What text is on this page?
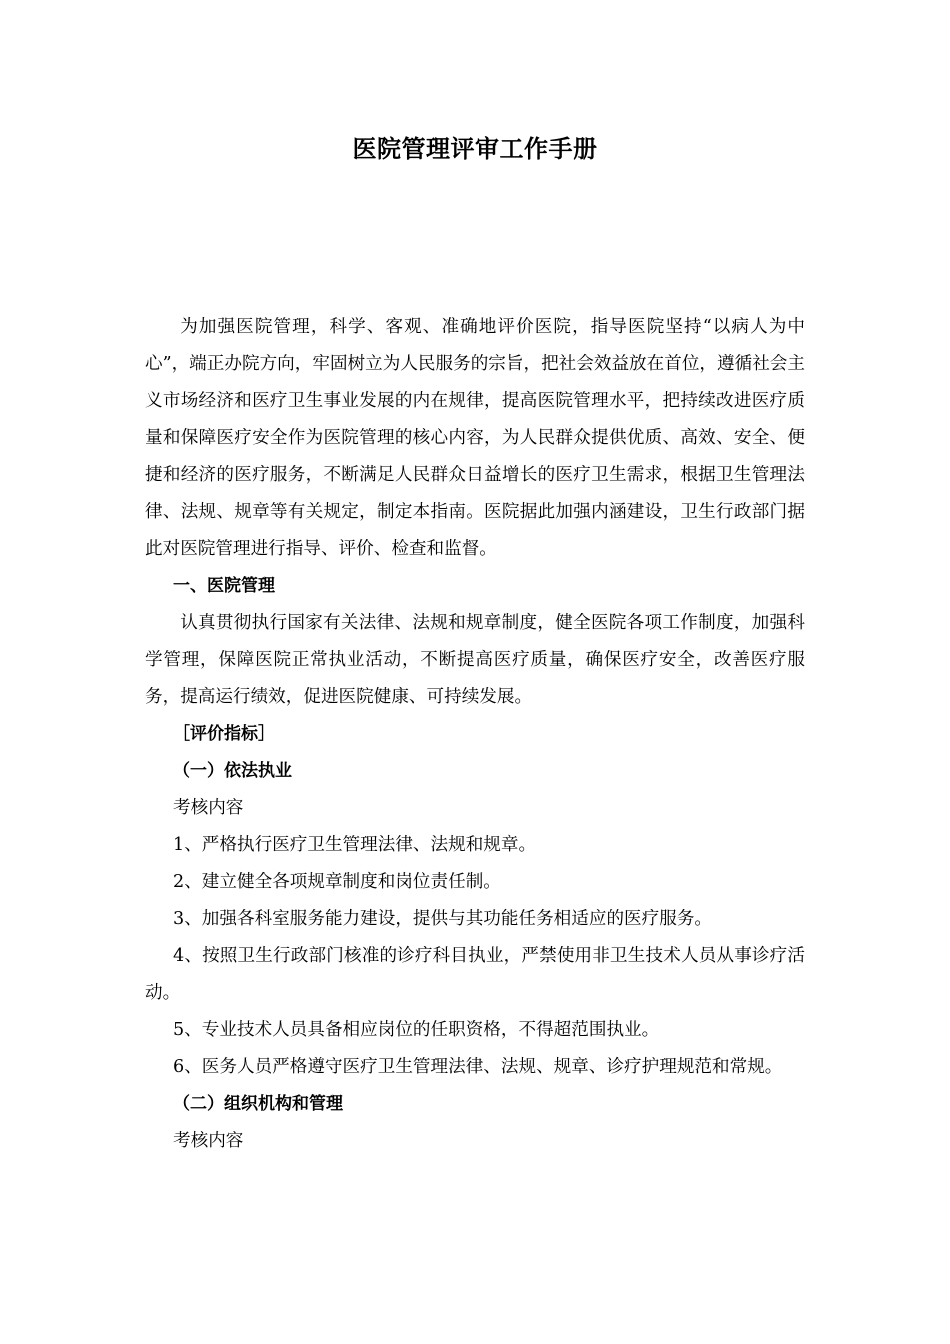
医院管理评审工作手册

为加强医院管理，科学、客观、准确地评价医院，指导医院坚持“以病人为中心”，端正办院方向，牢固树立为人民服务的宗旨，把社会效益放在首位，遵循社会主义市场经济和医疗卫生事业发展的内在规律，提高医院管理水平，把持续改进医疗质量和保障医疗安全作为医院管理的核心内容，为人民群众提供优质、高效、安全、便捷和经济的医疗服务，不断满足人民群众日益增长的医疗卫生需求，根据卫生管理法律、法规、规章等有关规定，制定本指南。医院据此加强内涵建设，卫生行政部门据此对医院管理进行指导、评价、检查和监督。

一、医院管理

认真贯彻执行国家有关法律、法规和规章制度，健全医院各项工作制度，加强科学管理，保障医院正常执业活动，不断提高医疗质量，确保医疗安全，改善医疗服务，提高运行绩效，促进医院健康、可持续发展。

［评价指标］

（一）依法执业

考核内容

1、严格执行医疗卫生管理法律、法规和规章。

2、建立健全各项规章制度和岗位责任制。

3、加强各科室服务能力建设，提供与其功能任务相适应的医疗服务。

4、按照卫生行政部门核准的诊疗科目执业，严禁使用非卫生技术人员从事诊疗活动。

5、专业技术人员具备相应岗位的任职资格，不得超范围执业。

6、医务人员严格遵守医疗卫生管理法律、法规、规章、诊疗护理规范和常规。

（二）组织机构和管理

考核内容
